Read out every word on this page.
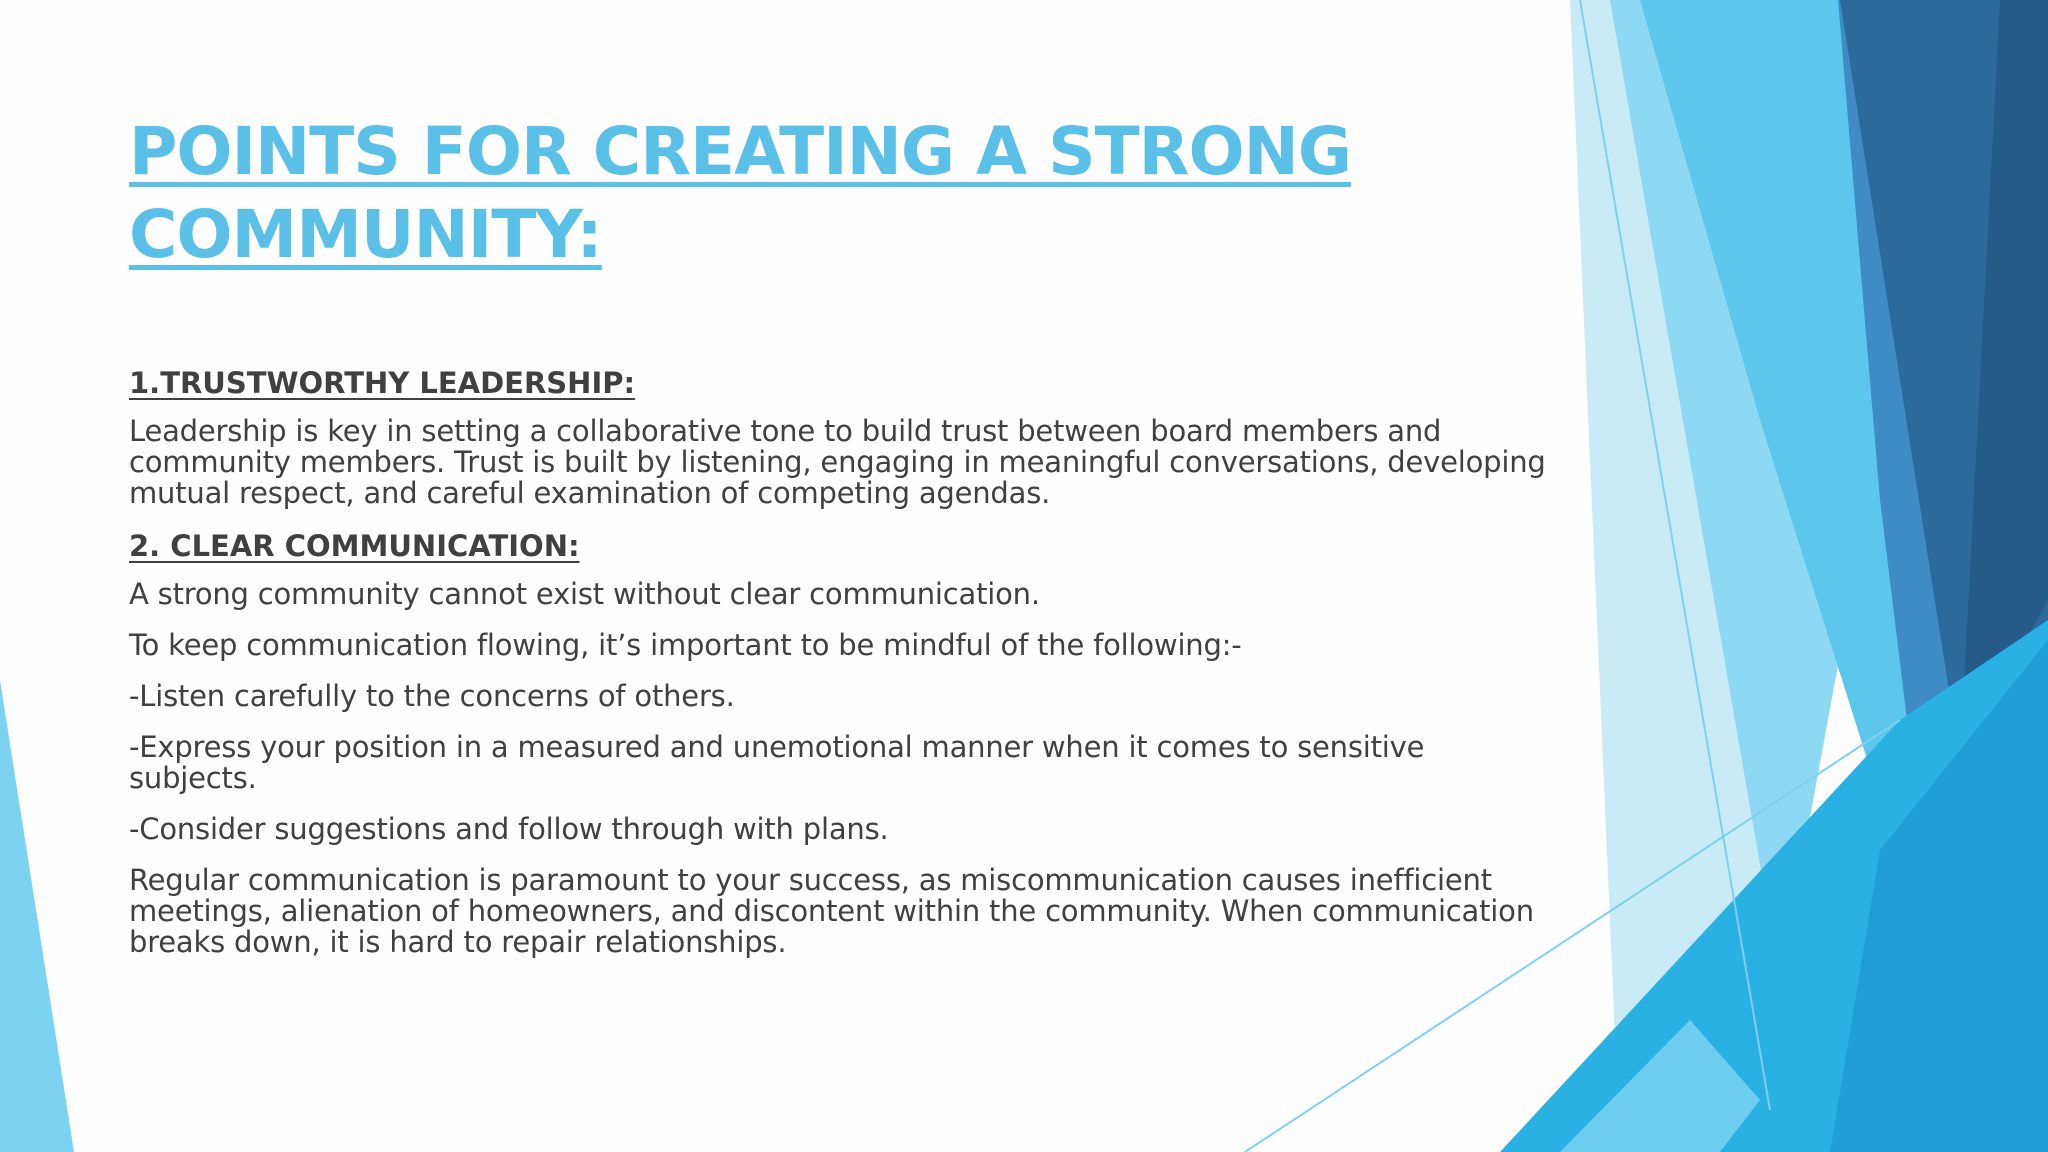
POINTS FOR CREATING A STRONG
COMMUNITY:

1.TRUSTWORTHY LEADERSHIP:

Leadership is key in setting a collaborative tone to build trust between board members and community members. Trust is built by listening, engaging in meaningful conversations, developing mutual respect, and careful examination of competing agendas.

2. CLEAR COMMUNICATION:

A strong community cannot exist without clear communication.

To keep communication flowing, it’s important to be mindful of the following:-

-Listen carefully to the concerns of others.

-Express your position in a measured and unemotional manner when it comes to sensitive subjects.

-Consider suggestions and follow through with plans.

Regular communication is paramount to your success, as miscommunication causes inefficient meetings, alienation of homeowners, and discontent within the community. When communication breaks down, it is hard to repair relationships.
